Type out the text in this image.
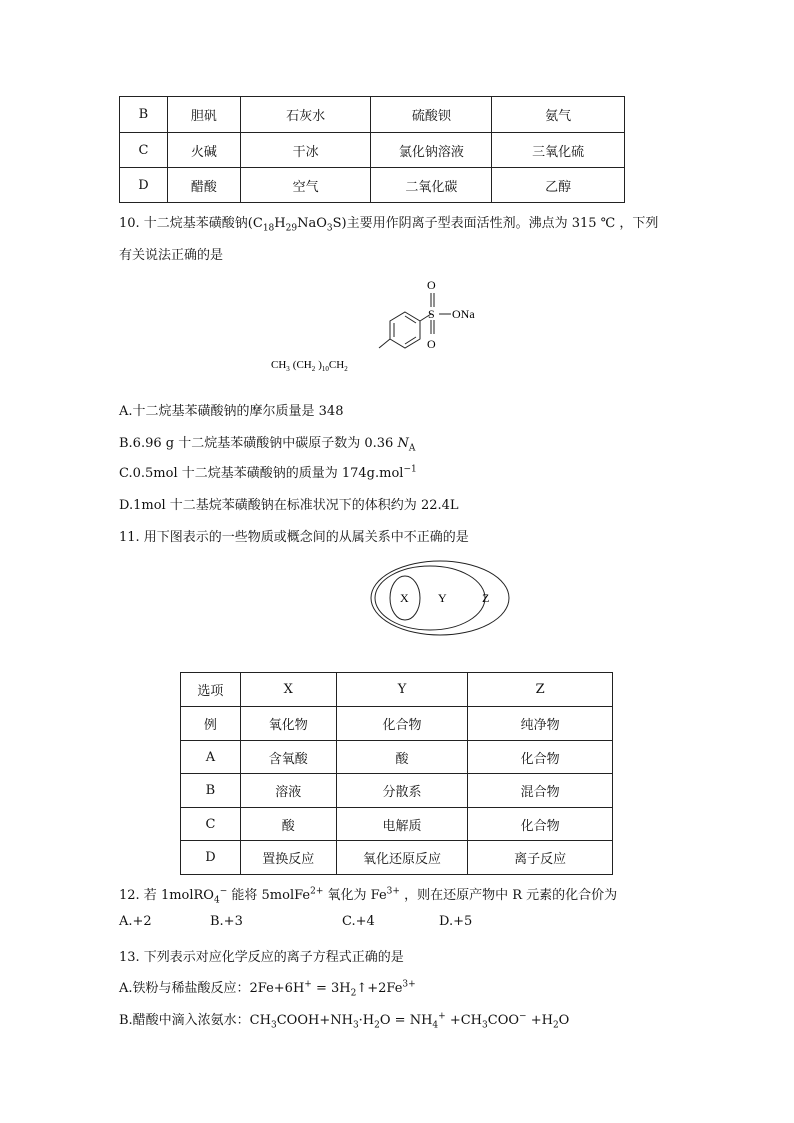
B	胆矾	石灰水	硫酸钡	氨气
C	火碱	干冰	氯化钠溶液	三氧化硫
D	醋酸	空气	二氧化碳	乙醇
10. 十二烷基苯磺酸钠$(C_{18}H_{29}NaO_3S)$主要用作阴离子型表面活性剂。沸点为 315 ℃ ，下列
有关说法正确的是
O
S ONa
O
$CH_3$ ($CH_2$ )$_{10}CH_2$
A.十二烷基苯磺酸钠的摩尔质量是 348
B.6.96 g 十二烷基苯磺酸钠中碳原子数为 0.36 $N_A$
C.0.5mol 十二烷基苯磺酸钠的质量为 174g.mol$^{-1}$
D.1mol 十二基烷苯磺酸钠在标准状况下的体积约为 22.4L
11. 用下图表示的一些物质或概念间的从属关系中不正确的是
X Y	Z
选项	X	Y	Z
例	氧化物	化合物	纯净物
A	含氧酸	酸	化合物
B	溶液	分散系	混合物
C	酸	电解质	化合物
D	置换反应	氧化还原反应	离子反应
12. 若 1molRO$_4$− 能将 5molFe$^{2+}$ 氧化为 $Fe^{3+}$ ，则在还原产物中 R 元素的化合价为
A.+2	B.+3	C.+4	D.+5
13. 下列表示对应化学反应的离子方程式正确的是
A.铁粉与稀盐酸反应：$2Fe+6H^+ = 3H_2↑+2Fe^{3+}$
B.醋酸中滴入浓氨水：$CH_3COOH+NH_3\cdot H_2O = NH_4^+ +CH_3COO^- +H_2O$
